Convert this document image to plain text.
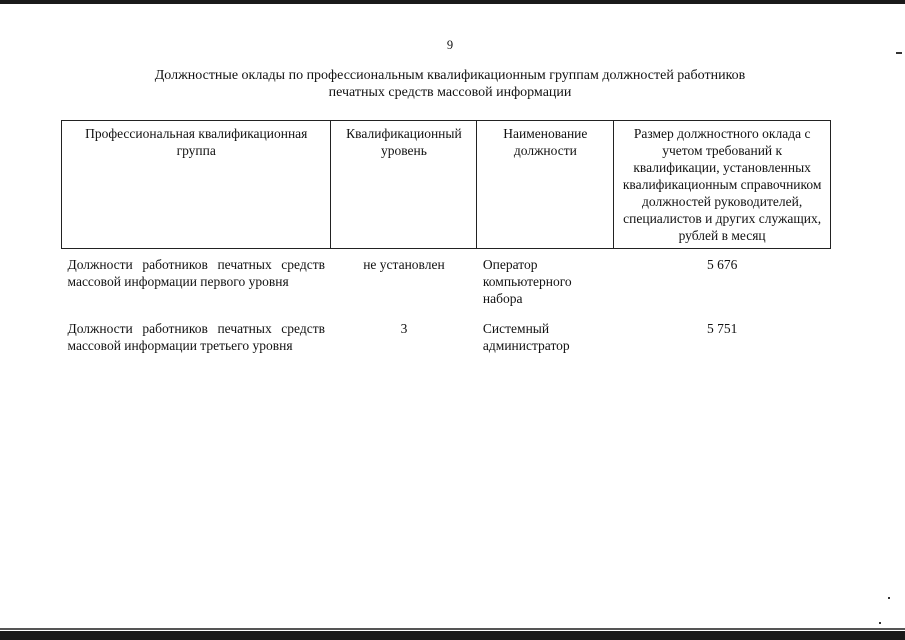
9
Должностные оклады по профессиональным квалификационным группам должностей работников
печатных средств массовой информации
Профессиональная квалификационная группа	Квалификационный уровень	Наименование должности	Размер должностного оклада с учетом требований к квалификации, установленных квалификационным справочником должностей руководителей, специалистов и других служащих, рублей в месяц
Должности работников печатных средств массовой информации первого уровня	не установлен	Оператор компьютерного набора	5 676
Должности работников печатных средств массовой информации третьего уровня	3	Системный администратор	5 751
